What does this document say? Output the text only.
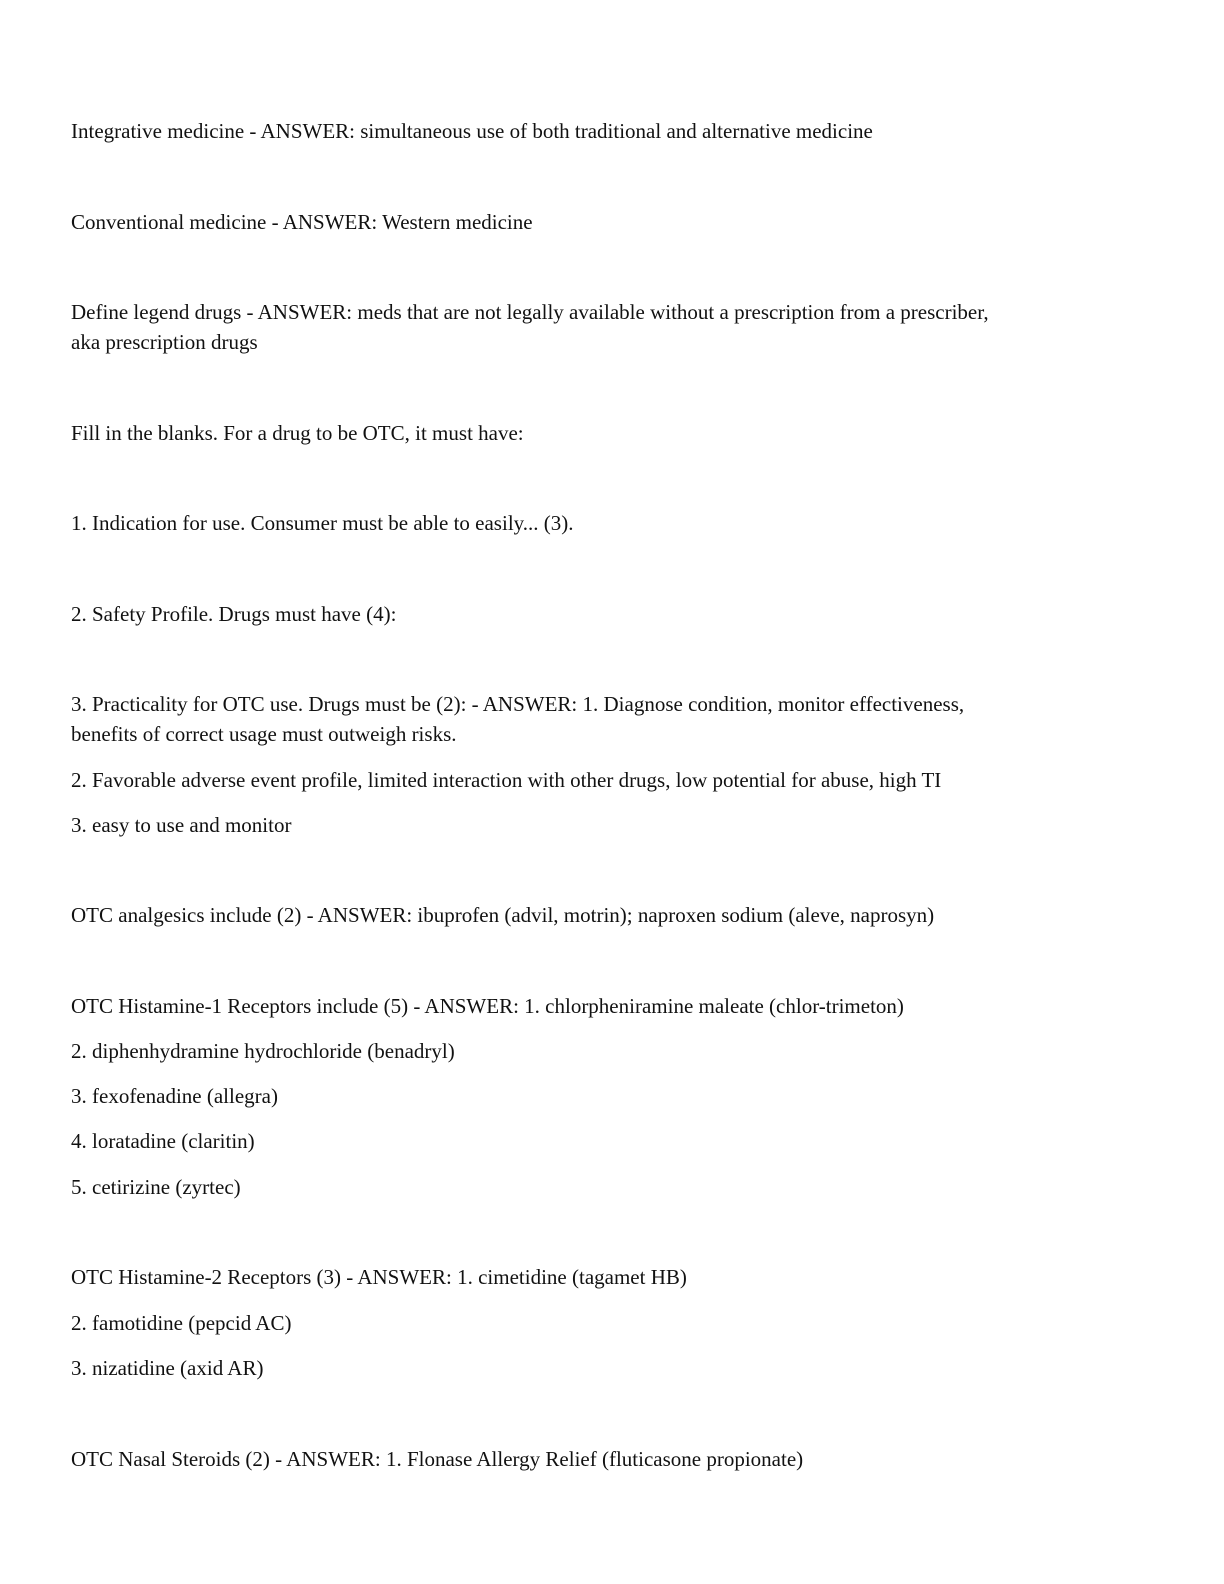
Integrative medicine - ANSWER: simultaneous use of both traditional and alternative medicine

Conventional medicine - ANSWER: Western medicine

Define legend drugs - ANSWER: meds that are not legally available without a prescription from a prescriber,

aka prescription drugs

Fill in the blanks. For a drug to be OTC, it must have:

1. Indication for use. Consumer must be able to easily... (3).

2. Safety Profile. Drugs must have (4):

3. Practicality for OTC use. Drugs must be (2): - ANSWER: 1. Diagnose condition, monitor effectiveness,

benefits of correct usage must outweigh risks.

2. Favorable adverse event profile, limited interaction with other drugs, low potential for abuse, high TI

3. easy to use and monitor

OTC analgesics include (2) - ANSWER: ibuprofen (advil, motrin); naproxen sodium (aleve, naprosyn)

OTC Histamine-1 Receptors include (5) - ANSWER: 1. chlorpheniramine maleate (chlor-trimeton)

2. diphenhydramine hydrochloride (benadryl)

3. fexofenadine (allegra)

4. loratadine (claritin)

5. cetirizine (zyrtec)

OTC Histamine-2 Receptors (3) - ANSWER: 1. cimetidine (tagamet HB)

2. famotidine (pepcid AC)

3. nizatidine (axid AR)

OTC Nasal Steroids (2) - ANSWER: 1. Flonase Allergy Relief (fluticasone propionate)
